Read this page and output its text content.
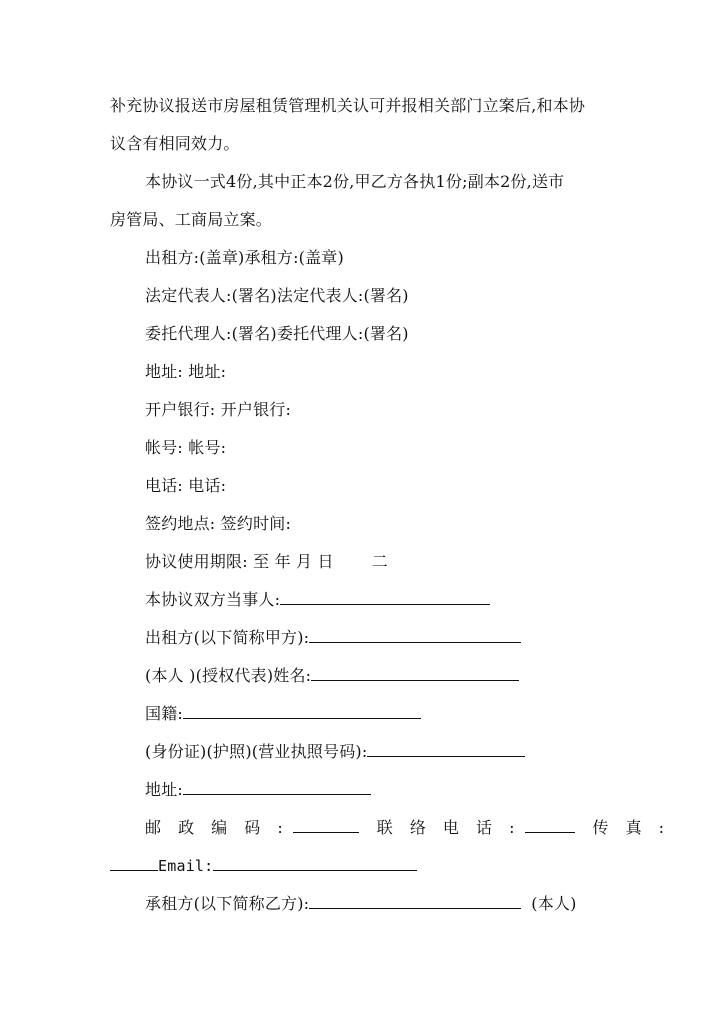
补充协议报送市房屋租赁管理机关认可并报相关部门立案后,和本协
议含有相同效力。
本协议一式4份,其中正本2份,甲乙方各执1份;副本2份,送市
房管局、工商局立案。
出租方:(盖章)承租方:(盖章)
法定代表人:(署名)法定代表人:(署名)
委托代理人:(署名)委托代理人:(署名)
地址: 地址:
开户银行: 开户银行:
帐号: 帐号:
电话: 电话:
签约地点: 签约时间:
协议使用期限: 至 年 月 日 二
本协议双方当事人:
出租方(以下简称甲方):
(本人 )(授权代表)姓名:
国籍:
(身份证)(护照)(营业执照号码):
地址:
邮 政 编 码 :	联 络 电 话 :	传 真 :
Email:
承租方(以下简称乙方):	(本人)
